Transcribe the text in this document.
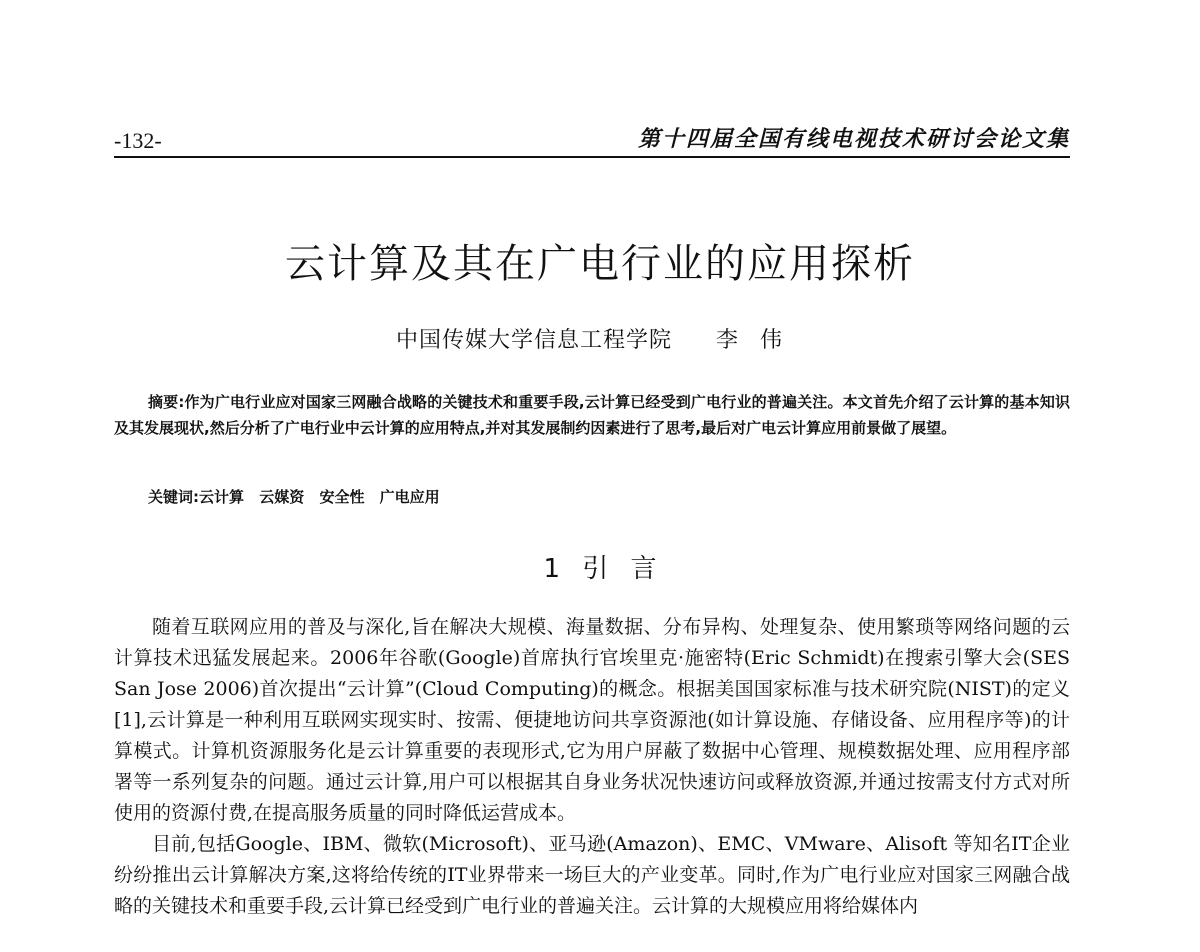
-132-	第十四届全国有线电视技术研讨会论文集
云计算及其在广电行业的应用探析
中国传媒大学信息工程学院 李伟
摘要:作为广电行业应对国家三网融合战略的关键技术和重要手段,云计算已经受到广电行业的普遍关注。本文首先介绍了云计算的基本知识及其发展现状,然后分析了广电行业中云计算的应用特点,并对其发展制约因素进行了思考,最后对广电云计算应用前景做了展望。
关键词:云计算 云媒资 安全性 广电应用
1 引 言

随着互联网应用的普及与深化,旨在解决大规模、海量数据、分布异构、处理复杂、使用繁琐等网络问题的云计算技术迅猛发展起来。2006年谷歌(Google)首席执行官埃里克·施密特(Eric Schmidt)在搜索引擎大会(SES San Jose 2006)首次提出“云计算”(Cloud Computing)的概念。根据美国国家标准与技术研究院(NIST)的定义[1],云计算是一种利用互联网实现实时、按需、便捷地访问共享资源池(如计算设施、存储设备、应用程序等)的计算模式。计算机资源服务化是云计算重要的表现形式,它为用户屏蔽了数据中心管理、规模数据处理、应用程序部署等一系列复杂的问题。通过云计算,用户可以根据其自身业务状况快速访问或释放资源,并通过按需支付方式对所使用的资源付费,在提高服务质量的同时降低运营成本。

目前,包括Google、IBM、微软(Microsoft)、亚马逊(Amazon)、EMC、VMware、Alisoft 等知名IT企业纷纷推出云计算解决方案,这将给传统的IT业界带来一场巨大的产业变革。同时,作为广电行业应对国家三网融合战略的关键技术和重要手段,云计算已经受到广电行业的普遍关注。云计算的大规模应用将给媒体内
